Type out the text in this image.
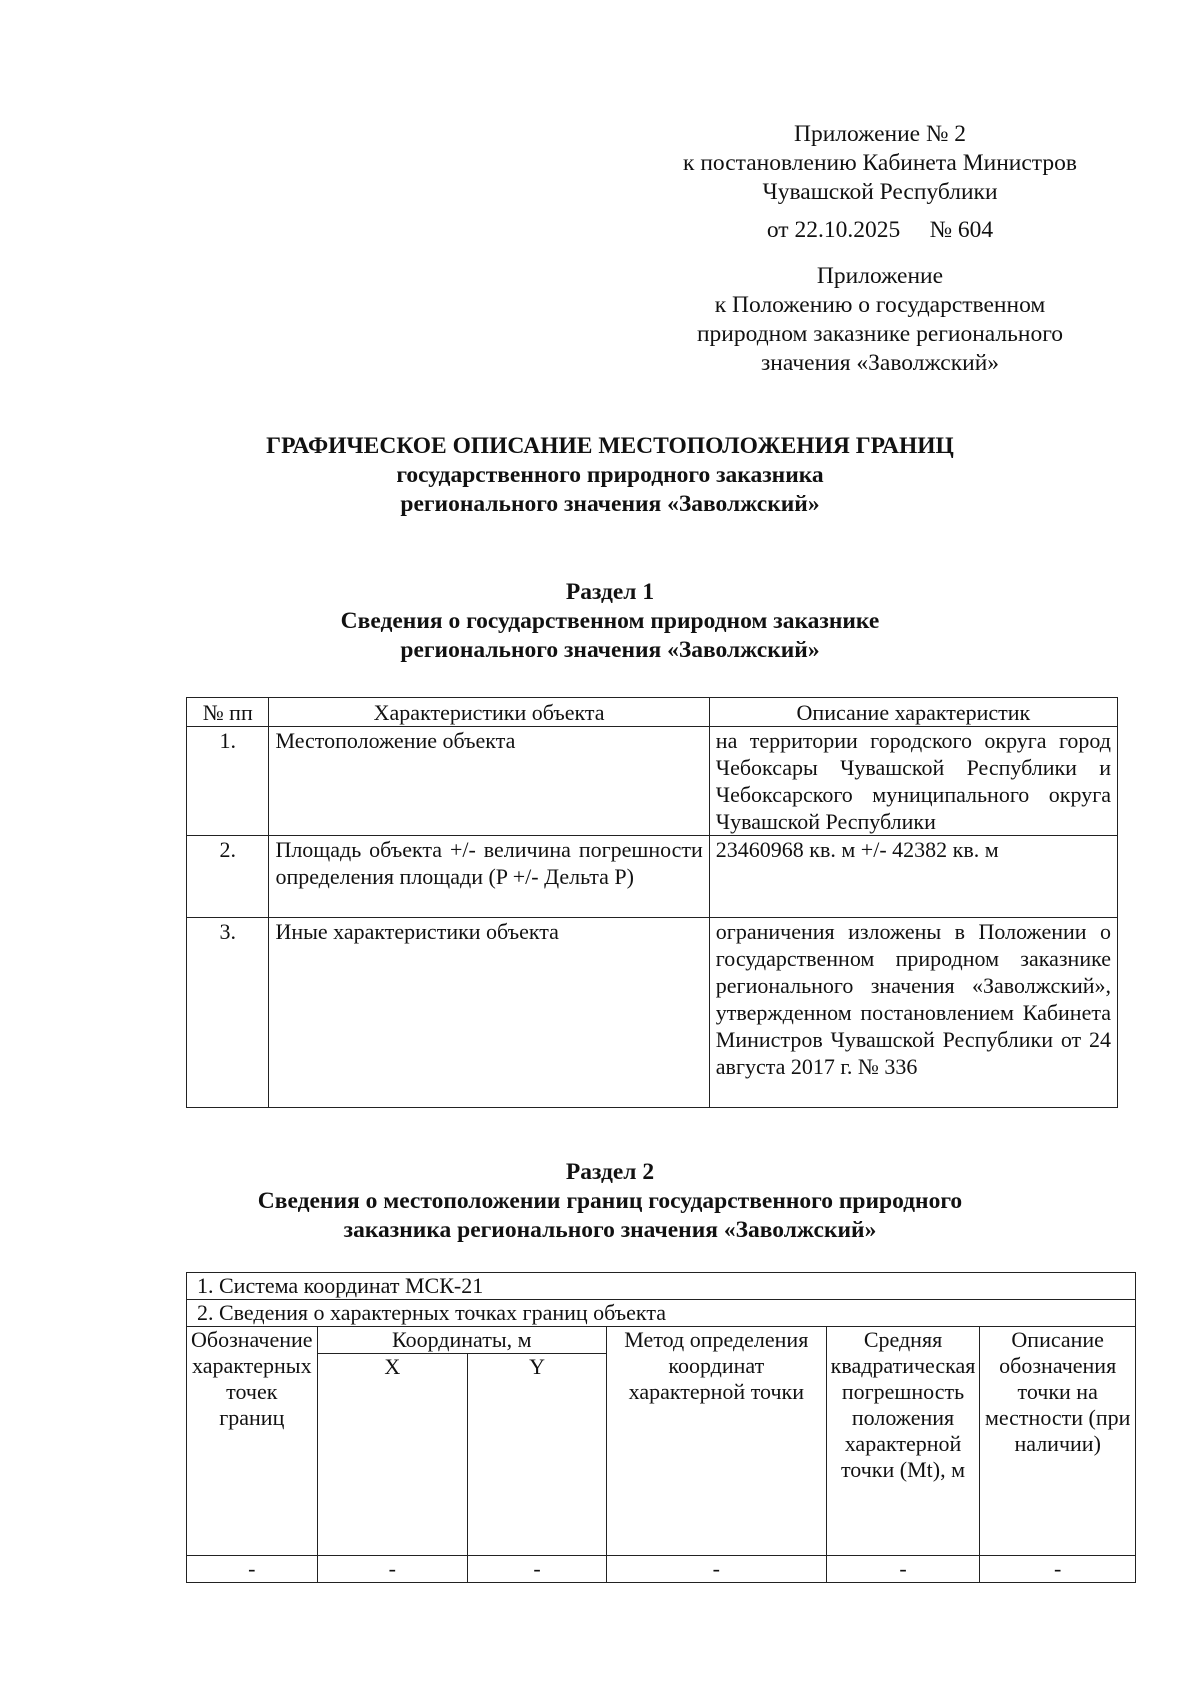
Приложение № 2
к постановлению Кабинета Министров
Чувашской Республики
от 22.10.2025     № 604
Приложение
к Положению о государственном
природном заказнике регионального
значения «Заволжский»
ГРАФИЧЕСКОЕ ОПИСАНИЕ МЕСТОПОЛОЖЕНИЯ ГРАНИЦ
государственного природного заказника
регионального значения «Заволжский»
Раздел 1
Сведения о государственном природном заказнике
регионального значения «Заволжский»
№ пп	Характеристики объекта	Описание характеристик
1.	Местоположение объекта	на территории городского округа город Чебоксары Чувашской Республики и Чебоксарского муниципального округа Чувашской Республики
2.	Площадь объекта +/- величина погрешности определения площади (P +/- Дельта P)	23460968 кв. м +/- 42382 кв. м
3.	Иные характеристики объекта	ограничения изложены в Положении о государственном природном заказнике регионального значения «Заволжский», утвержденном постановлением Кабинета Министров Чувашской Республики от 24 августа 2017 г. № 336
Раздел 2
Сведения о местоположении границ государственного природного
заказника регионального значения «Заволжский»
1. Система координат МСК-21					
2. Сведения о характерных точках границ объекта					
Обозначение характерных точек границ	Координаты, м		Метод определения координат характерной точки	Средняя квадратическая погрешность положения характерной точки (Mt), м	Описание обозначения точки на местности (при наличии)
	X	Y			
-	-	-	-	-	-
